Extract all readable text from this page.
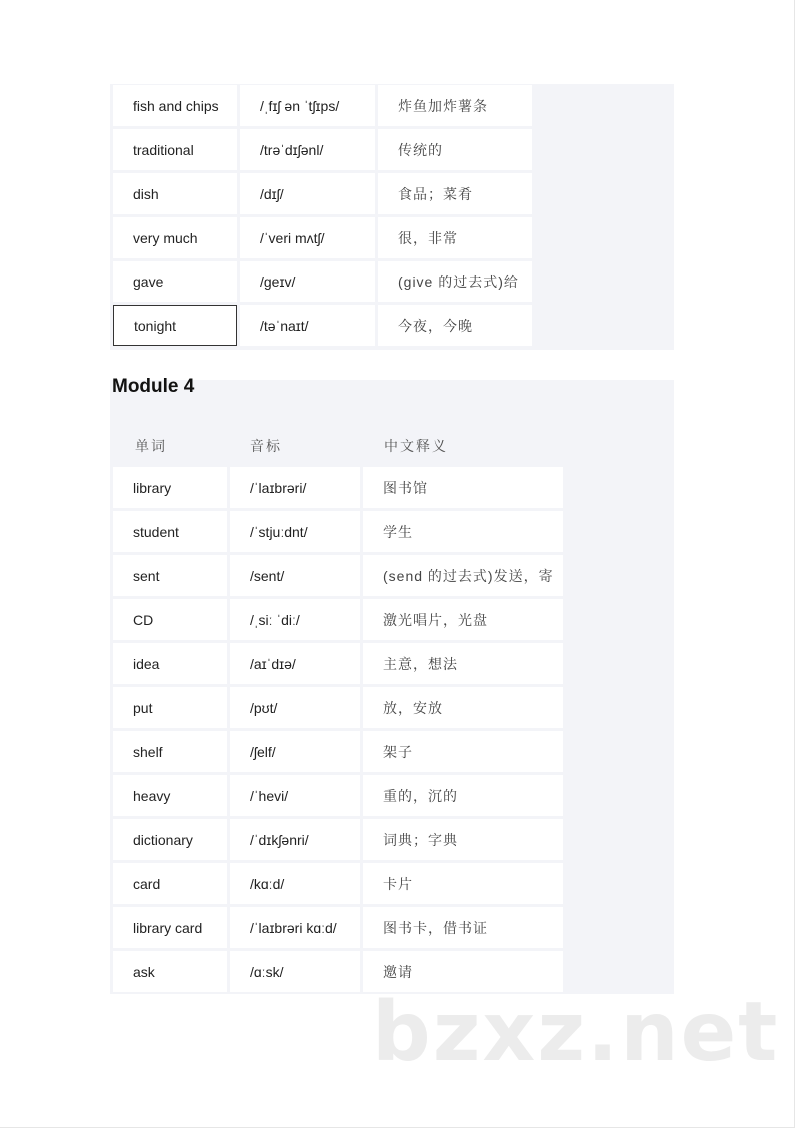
fish and chips	/ˌfɪʃ ən ˈtʃɪps/	炸鱼加炸薯条
traditional	/trəˈdɪʃənl/	传统的
dish	/dɪʃ/	食品；菜肴
very much	/ˈveri mʌtʃ/	很，非常
gave	/geɪv/	(give 的过去式)给
tonight	/təˈnaɪt/	今夜，今晚
Module 4
单词	音标	中文释义
library	/ˈlaɪbrəri/	图书馆
student	/ˈstjuːdnt/	学生
sent	/sent/	(send 的过去式)发送，寄
CD	/ˌsiː ˈdiː/	激光唱片，光盘
idea	/aɪˈdɪə/	主意，想法
put	/pʊt/	放，安放
shelf	/ʃelf/	架子
heavy	/ˈhevi/	重的，沉的
dictionary	/ˈdɪkʃənri/	词典；字典
card	/kɑːd/	卡片
library card	/ˈlaɪbrəri kɑːd/	图书卡，借书证
ask	/ɑːsk/	邀请
bzxz.net
